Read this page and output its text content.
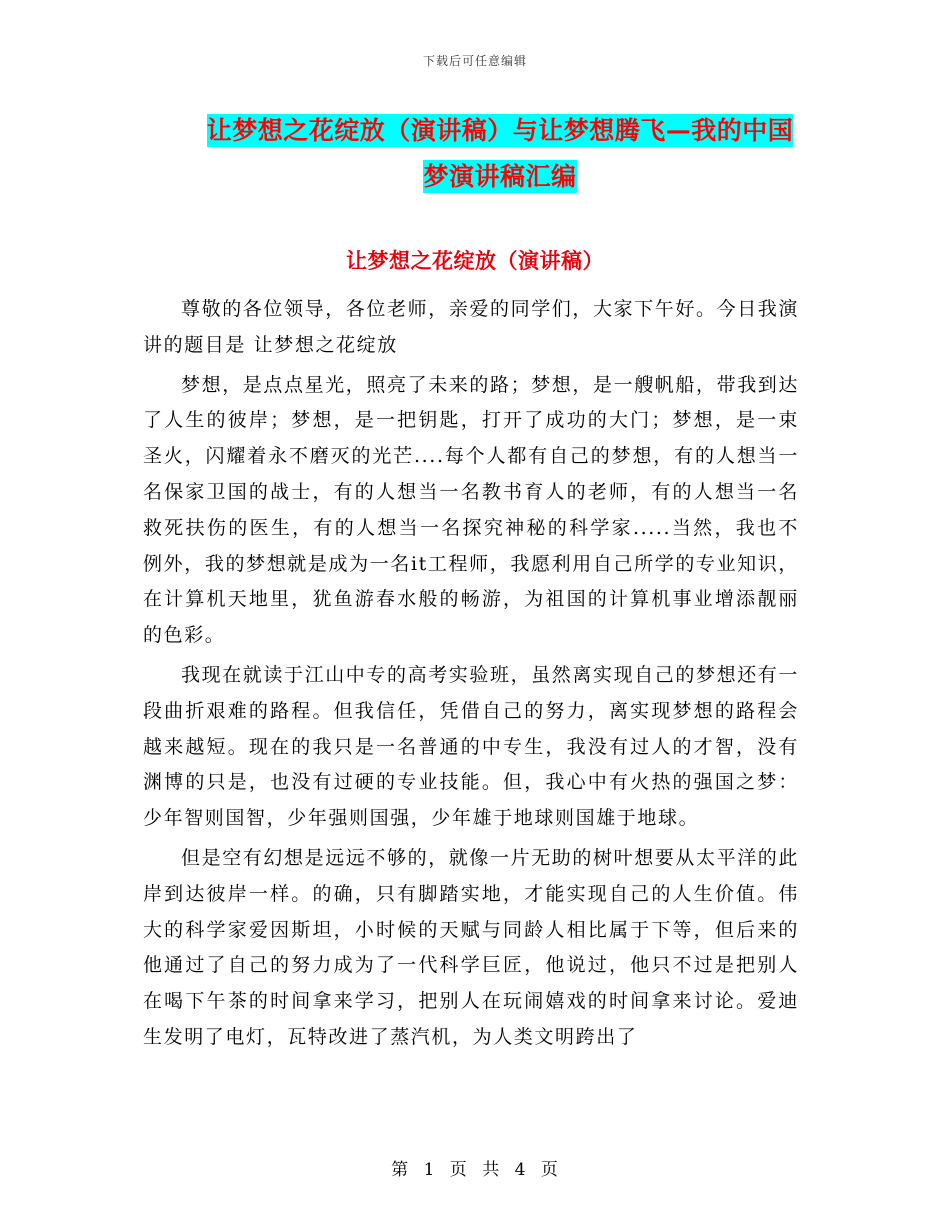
下载后可任意编辑
让梦想之花绽放（演讲稿）与让梦想腾飞—我的中国
梦演讲稿汇编
让梦想之花绽放（演讲稿）

尊敬的各位领导，各位老师，亲爱的同学们，大家下午好。今日我演讲的题目是 让梦想之花绽放

梦想，是点点星光，照亮了未来的路；梦想，是一艘帆船，带我到达了人生的彼岸；梦想，是一把钥匙，打开了成功的大门；梦想，是一束圣火，闪耀着永不磨灭的光芒....每个人都有自己的梦想，有的人想当一名保家卫国的战士，有的人想当一名教书育人的老师，有的人想当一名救死扶伤的医生，有的人想当一名探究神秘的科学家.....当然，我也不例外，我的梦想就是成为一名it工程师，我愿利用自己所学的专业知识，在计算机天地里，犹鱼游春水般的畅游，为祖国的计算机事业增添靓丽的色彩。

我现在就读于江山中专的高考实验班，虽然离实现自己的梦想还有一段曲折艰难的路程。但我信任，凭借自己的努力，离实现梦想的路程会越来越短。现在的我只是一名普通的中专生，我没有过人的才智，没有渊博的只是，也没有过硬的专业技能。但，我心中有火热的强国之梦：少年智则国智，少年强则国强，少年雄于地球则国雄于地球。

但是空有幻想是远远不够的，就像一片无助的树叶想要从太平洋的此岸到达彼岸一样。的确，只有脚踏实地，才能实现自己的人生价值。伟大的科学家爱因斯坦，小时候的天赋与同龄人相比属于下等，但后来的他通过了自己的努力成为了一代科学巨匠，他说过，他只不过是把别人在喝下午茶的时间拿来学习，把别人在玩闹嬉戏的时间拿来讨论。爱迪生发明了电灯，瓦特改进了蒸汽机，为人类文明跨出了

第 1 页 共 4 页
